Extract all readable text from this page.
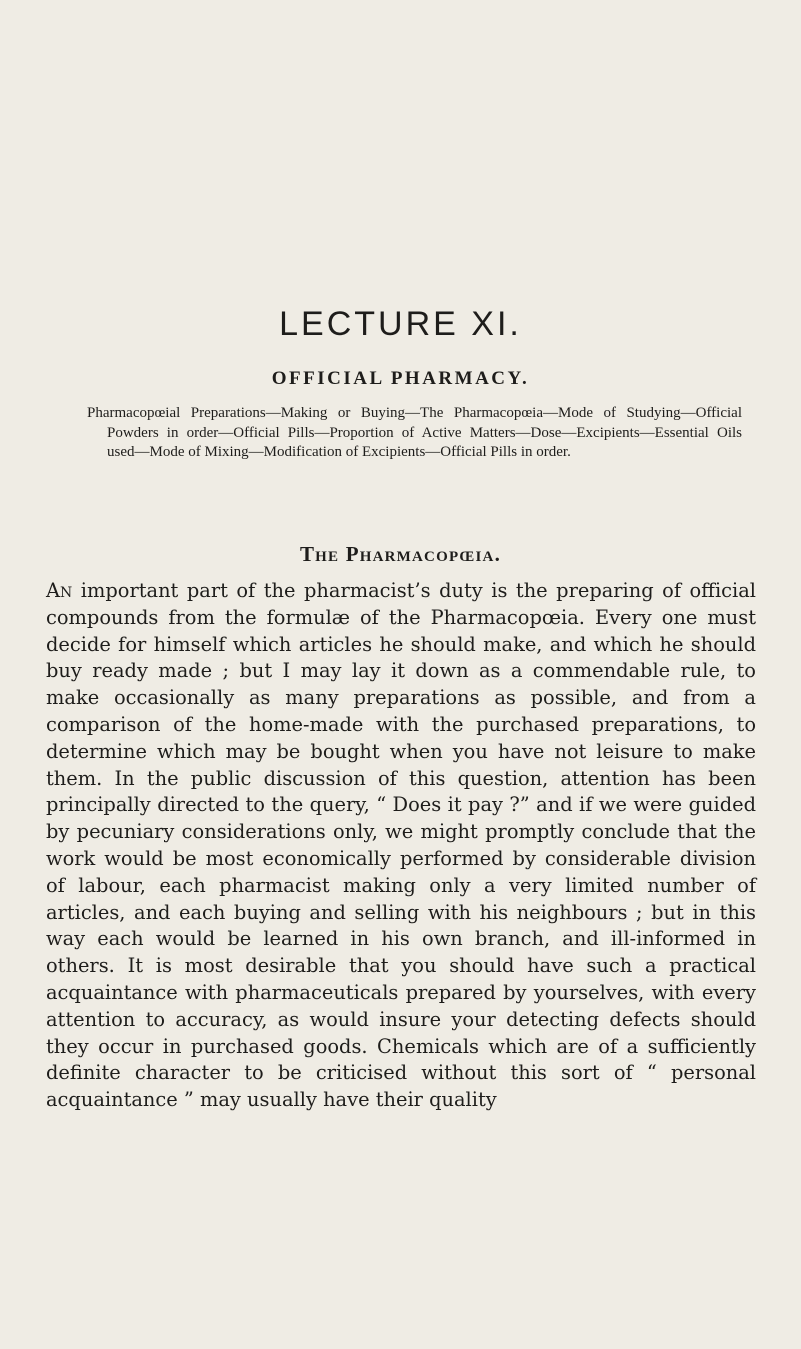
LECTURE XI.
OFFICIAL PHARMACY.

Pharmacopœial Preparations—Making or Buying—The Pharmacopœia—Mode of Studying—Official Powders in order—Official Pills—Proportion of Active Matters—Dose—Excipients—Essential Oils used—Mode of Mixing—Modification of Excipients—Official Pills in order.

The Pharmacopœia.

An important part of the pharmacist’s duty is the preparing of official compounds from the formulæ of the Pharmacopœia. Every one must decide for himself which articles he should make, and which he should buy ready made ; but I may lay it down as a commendable rule, to make occasionally as many preparations as possible, and from a comparison of the home-made with the purchased preparations, to determine which may be bought when you have not leisure to make them. In the public discussion of this question, attention has been principally directed to the query, “ Does it pay ?” and if we were guided by pecuniary considerations only, we might promptly conclude that the work would be most economically performed by considerable division of labour, each pharmacist making only a very limited number of articles, and each buying and selling with his neighbours ; but in this way each would be learned in his own branch, and ill-informed in others. It is most desirable that you should have such a practical acquaintance with pharmaceuticals prepared by yourselves, with every attention to accuracy, as would insure your detecting defects should they occur in purchased goods. Chemicals which are of a sufficiently definite character to be criticised without this sort of “ personal acquaintance ” may usually have their quality
